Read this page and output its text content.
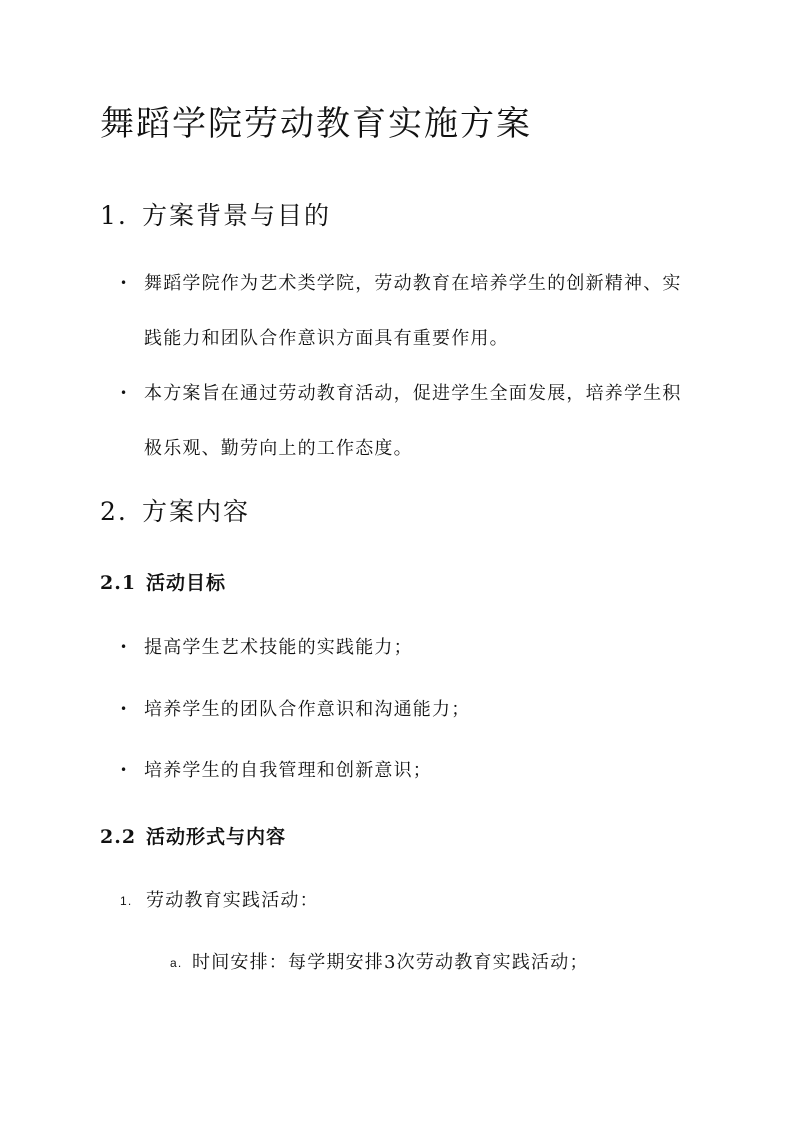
舞蹈学院劳动教育实施方案
1. 方案背景与目的
• 舞蹈学院作为艺术类学院，劳动教育在培养学生的创新精神、实践能力和团队合作意识方面具有重要作用。
• 本方案旨在通过劳动教育活动，促进学生全面发展，培养学生积极乐观、勤劳向上的工作态度。
2. 方案内容
2.1 活动目标
• 提高学生艺术技能的实践能力；
• 培养学生的团队合作意识和沟通能力；
• 培养学生的自我管理和创新意识；
2.2 活动形式与内容
1. 劳动教育实践活动：
a. 时间安排：每学期安排3次劳动教育实践活动；
